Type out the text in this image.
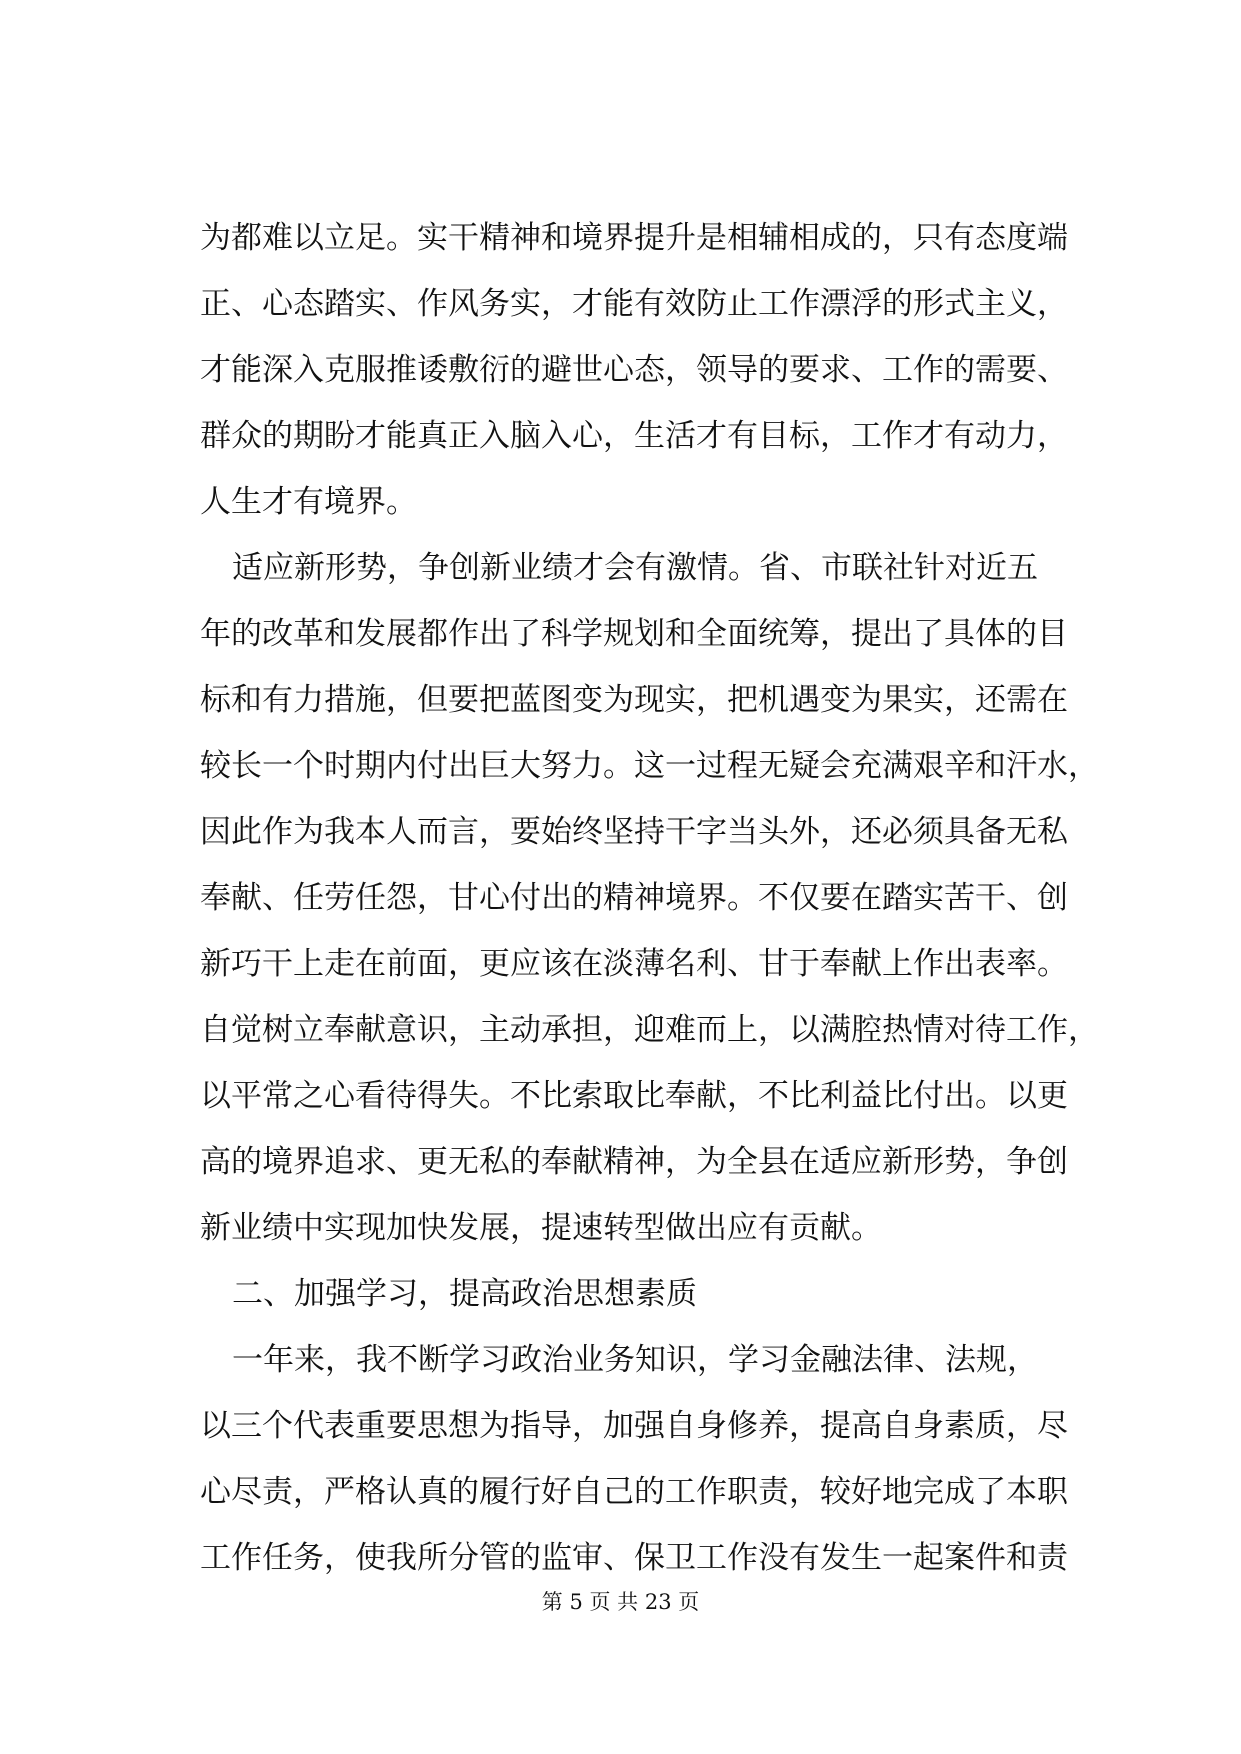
为都难以立足。实干精神和境界提升是相辅相成的，只有态度端
正、心态踏实、作风务实，才能有效防止工作漂浮的形式主义，
才能深入克服推诿敷衍的避世心态，领导的要求、工作的需要、
群众的期盼才能真正入脑入心，生活才有目标，工作才有动力，
人生才有境界。
适应新形势，争创新业绩才会有激情。省、市联社针对近五
年的改革和发展都作出了科学规划和全面统筹，提出了具体的目
标和有力措施，但要把蓝图变为现实，把机遇变为果实，还需在
较长一个时期内付出巨大努力。这一过程无疑会充满艰辛和汗水，
因此作为我本人而言，要始终坚持干字当头外，还必须具备无私
奉献、任劳任怨，甘心付出的精神境界。不仅要在踏实苦干、创
新巧干上走在前面，更应该在淡薄名利、甘于奉献上作出表率。
自觉树立奉献意识，主动承担，迎难而上，以满腔热情对待工作，
以平常之心看待得失。不比索取比奉献，不比利益比付出。以更
高的境界追求、更无私的奉献精神，为全县在适应新形势，争创
新业绩中实现加快发展，提速转型做出应有贡献。
二、加强学习，提高政治思想素质
一年来，我不断学习政治业务知识，学习金融法律、法规，
以三个代表重要思想为指导，加强自身修养，提高自身素质，尽
心尽责，严格认真的履行好自己的工作职责，较好地完成了本职
工作任务，使我所分管的监审、保卫工作没有发生一起案件和责
第 5 页 共 23 页
